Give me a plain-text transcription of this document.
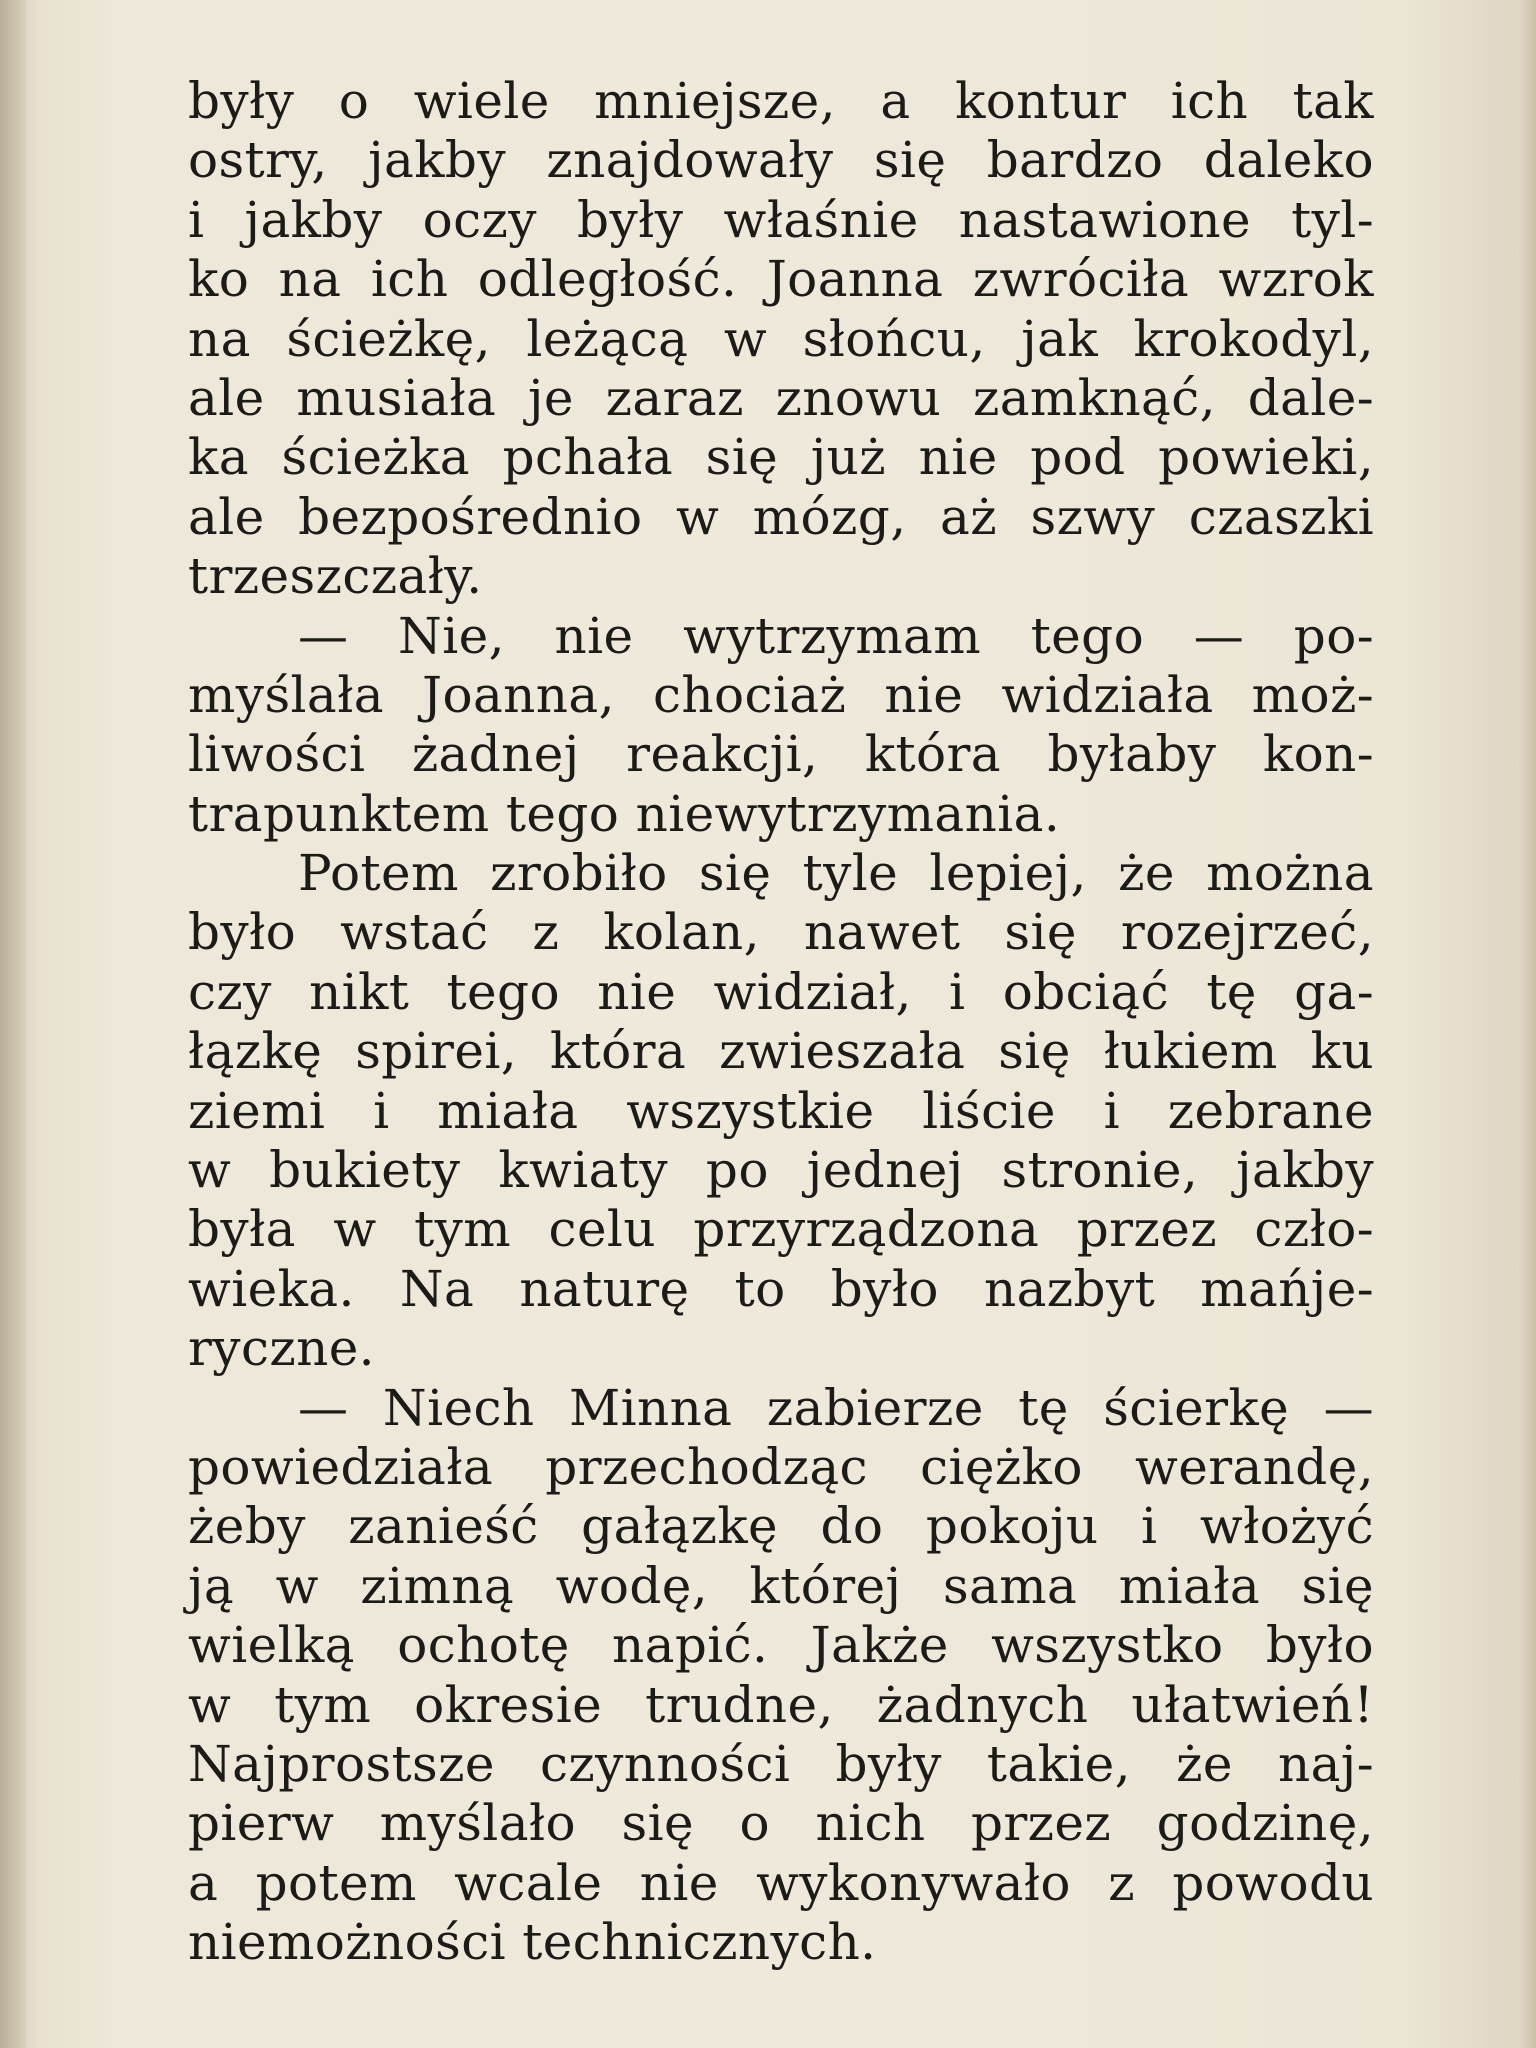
były o wiele mniejsze, a kontur ich tak
ostry, jakby znajdowały się bardzo daleko
i jakby oczy były właśnie nastawione tyl-
ko na ich odległość. Joanna zwróciła wzrok
na ścieżkę, leżącą w słońcu, jak krokodyl,
ale musiała je zaraz znowu zamknąć, dale-
ka ścieżka pchała się już nie pod powieki,
ale bezpośrednio w mózg, aż szwy czaszki
trzeszczały.
— Nie, nie wytrzymam tego — po-
myślała Joanna, chociaż nie widziała moż-
liwości żadnej reakcji, która byłaby kon-
trapunktem tego niewytrzymania.
Potem zrobiło się tyle lepiej, że można
było wstać z kolan, nawet się rozejrzeć,
czy nikt tego nie widział, i obciąć tę ga-
łązkę spirei, która zwieszała się łukiem ku
ziemi i miała wszystkie liście i zebrane
w bukiety kwiaty po jednej stronie, jakby
była w tym celu przyrządzona przez czło-
wieka. Na naturę to było nazbyt mańje-
ryczne.
— Niech Minna zabierze tę ścierkę —
powiedziała przechodząc ciężko werandę,
żeby zanieść gałązkę do pokoju i włożyć
ją w zimną wodę, której sama miała się
wielką ochotę napić. Jakże wszystko było
w tym okresie trudne, żadnych ułatwień!
Najprostsze czynności były takie, że naj-
pierw myślało się o nich przez godzinę,
a potem wcale nie wykonywało z powodu
niemożności technicznych.
